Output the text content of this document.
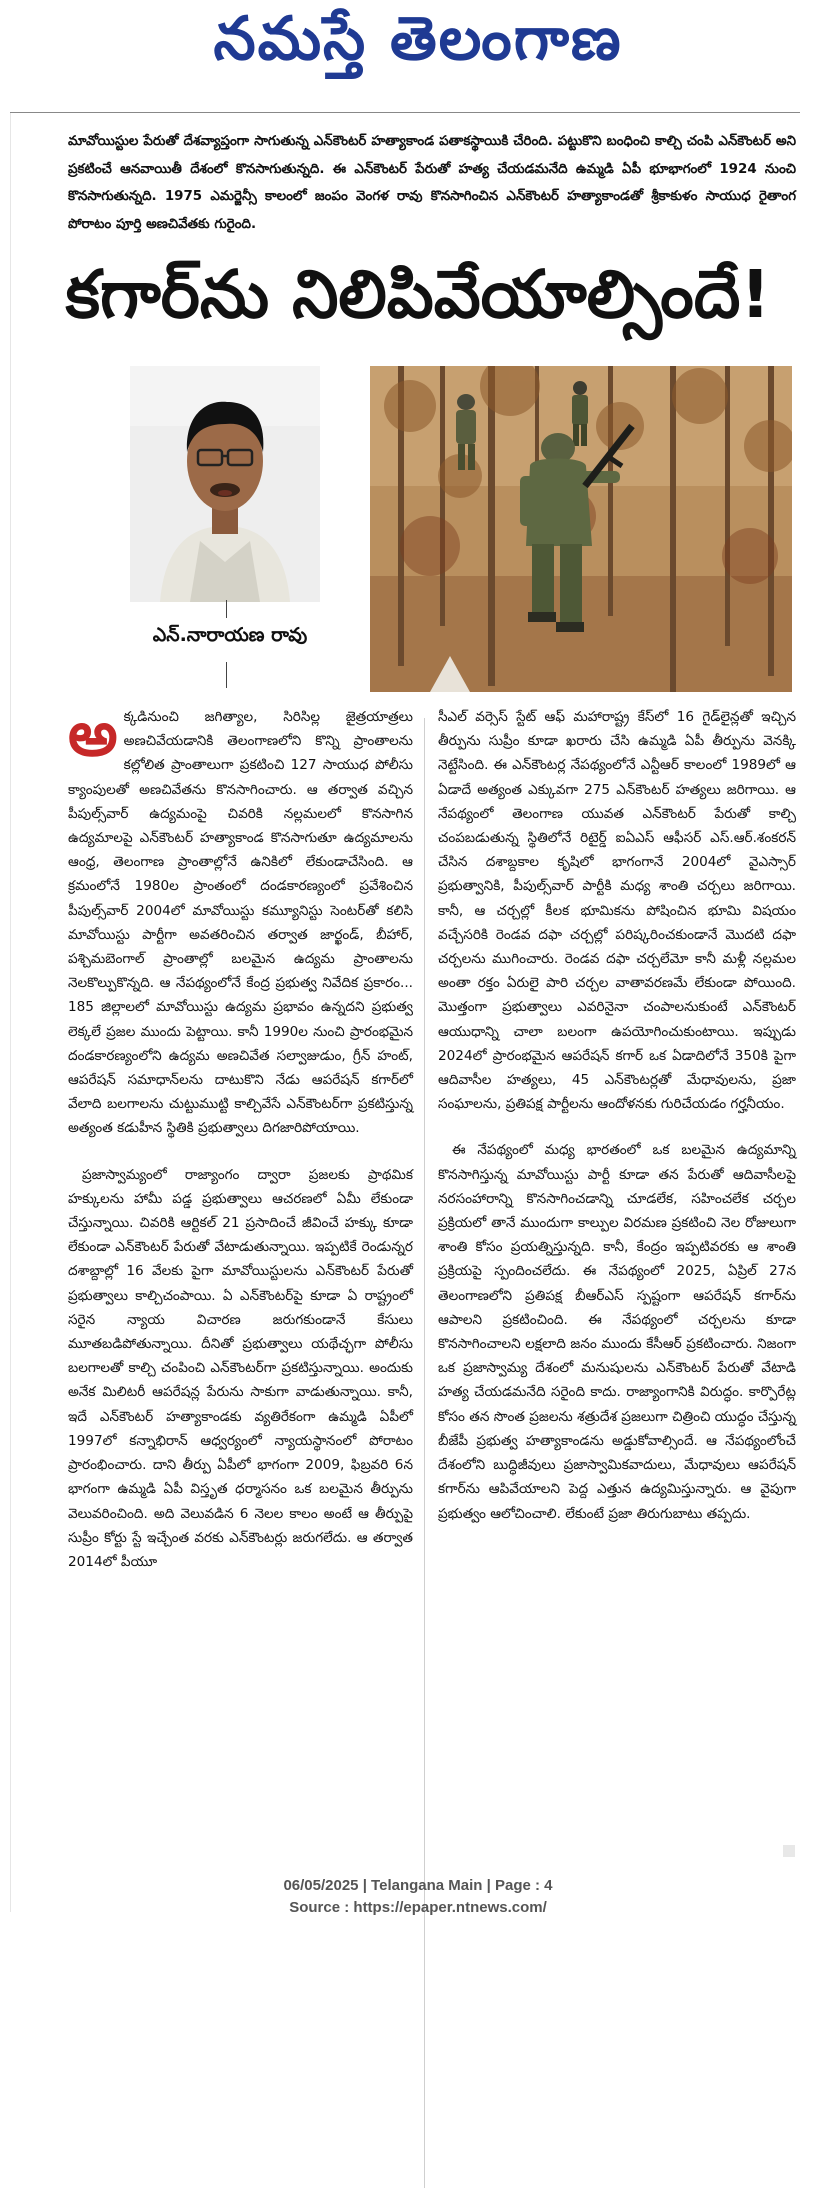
నమస్తే తెలంగాణ
మావోయిస్టుల పేరుతో దేశవ్యాప్తంగా సాగుతున్న ఎన్‌కౌంటర్ హత్యాకాండ పతాకస్థాయికి చేరింది. పట్టుకొని బంధించి కాల్చి చంపి ఎన్‌కౌంటర్ అని ప్రకటించే ఆనవాయితీ దేశంలో కొనసాగుతున్నది. ఈ ఎన్‌కౌంటర్ పేరుతో హత్య చేయడమనేది ఉమ్మడి ఏపీ భూభాగంలో 1924 నుంచి కొనసాగుతున్నది. 1975 ఎమర్జెన్సీ కాలంలో జంపం వెంగళ రావు కొనసాగించిన ఎన్‌కౌంటర్ హత్యాకాండతో శ్రీకాకుళం సాయుధ రైతాంగ పోరాటం పూర్తి అణచివేతకు గురైంది.
కగార్‌ను నిలిపివేయాల్సిందే!
ఎన్.నారాయణ రావు

అ క్కడినుంచి జగిత్యాల, సిరిసిల్ల జైత్రయాత్రలు అణచివేయడానికి తెలంగాణలోని కొన్ని ప్రాంతాలను కల్లోలిత ప్రాంతాలుగా ప్రకటించి 127 సాయుధ పోలీసు క్యాంపులతో అణచివేతను కొనసాగించారు. ఆ తర్వాత వచ్చిన పీపుల్స్‌వార్ ఉద్యమంపై చివరికి నల్లమలలో కొనసాగిన ఉద్యమాలపై ఎన్‌కౌంటర్ హత్యాకాండ కొనసాగుతూ ఉద్యమాలను ఆంధ్ర, తెలంగాణ ప్రాంతాల్లోనే ఉనికిలో లేకుండాచేసింది. ఆ క్రమంలోనే 1980ల ప్రాంతంలో దండకారణ్యంలో ప్రవేశించిన పీపుల్స్‌వార్ 2004లో మావోయిస్టు కమ్యూనిస్టు సెంటర్‌తో కలిసి మావోయిస్టు పార్టీగా అవతరించిన తర్వాత జార్ఖండ్, బీహార్, పశ్చిమబెంగాల్ ప్రాంతాల్లో బలమైన ఉద్యమ ప్రాంతాలను నెలకొల్పుకొన్నది. ఆ నేపథ్యంలోనే కేంద్ర ప్రభుత్వ నివేదిక ప్రకారం... 185 జిల్లాలలో మావోయిస్టు ఉద్యమ ప్రభావం ఉన్నదని ప్రభుత్వ లెక్కలే ప్రజల ముందు పెట్టాయి. కానీ 1990ల నుంచి ప్రారంభమైన దండకారణ్యంలోని ఉద్యమ అణచివేత సల్వాజుడుం, గ్రీన్ హంట్, ఆపరేషన్ సమాధాన్‌లను దాటుకొని నేడు ఆపరేషన్ కగార్‌లో వేలాది బలగాలను చుట్టుముట్టి కాల్చివేసే ఎన్‌కౌంటర్‌గా ప్రకటిస్తున్న అత్యంత కడుహీన స్థితికి ప్రభుత్వాలు దిగజారిపోయాయి.

ప్రజాస్వామ్యంలో రాజ్యాంగం ద్వారా ప్రజలకు ప్రాథమిక హక్కులను హామీ పడ్డ ప్రభుత్వాలు ఆచరణలో ఏమీ లేకుండా చేస్తున్నాయి. చివరికి ఆర్టికల్ 21 ప్రసాదించే జీవించే హక్కు కూడా లేకుండా ఎన్‌కౌంటర్ పేరుతో వేటాడుతున్నాయి. ఇప్పటికే రెండున్నర దశాబ్దాల్లో 16 వేలకు పైగా మావోయిస్టులను ఎన్‌కౌంటర్ పేరుతో ప్రభుత్వాలు కాల్చిచంపాయి. ఏ ఎన్‌కౌంటర్‌పై కూడా ఏ రాష్ట్రంలో సరైన న్యాయ విచారణ జరుగకుండానే కేసులు మూతబడిపోతున్నాయి. దీనితో ప్రభుత్వాలు యథేచ్ఛగా పోలీసు బలగాలతో కాల్చి చంపించి ఎన్‌కౌంటర్‌గా ప్రకటిస్తున్నాయి. అందుకు అనేక మిలిటరీ ఆపరేషన్ల పేరును సాకుగా వాడుతున్నాయి. కానీ, ఇదే ఎన్‌కౌంటర్ హత్యాకాండకు వ్యతిరేకంగా ఉమ్మడి ఏపీలో 1997లో కన్నాభిరాన్ ఆధ్వర్యంలో న్యాయస్థానంలో పోరాటం ప్రారంభించారు. దాని తీర్పు ఏపీలో భాగంగా 2009, ఫిబ్రవరి 6న భాగంగా ఉమ్మడి ఏపీ విస్తృత ధర్మాసనం ఒక బలమైన తీర్పును వెలువరించింది. అది వెలువడిన 6 నెలల కాలం అంటే ఆ తీర్పుపై సుప్రీం కోర్టు స్టే ఇచ్చేంత వరకు ఎన్‌కౌంటర్లు జరుగలేదు. ఆ తర్వాత 2014లో పీయూ

సీఎల్ వర్సెస్ స్టేట్ ఆఫ్ మహారాష్ట్ర కేస్‌లో 16 గైడ్‌లైన్లతో ఇచ్చిన తీర్పును సుప్రీం కూడా ఖరారు చేసి ఉమ్మడి ఏపీ తీర్పును వెనక్కి నెట్టేసింది. ఈ ఎన్‌కౌంటర్ల నేపథ్యంలోనే ఎన్టీఆర్ కాలంలో 1989లో ఆ ఏడాదే అత్యంత ఎక్కువగా 275 ఎన్‌కౌంటర్ హత్యలు జరిగాయి. ఆ నేపథ్యంలో తెలంగాణ యువత ఎన్‌కౌంటర్ పేరుతో కాల్చి చంపబడుతున్న స్థితిలోనే రిటైర్డ్ ఐఏఎస్ ఆఫీసర్ ఎస్.ఆర్.శంకరన్ చేసిన దశాబ్దకాల కృషిలో భాగంగానే 2004లో వైఎస్సార్ ప్రభుత్వానికి, పీపుల్స్‌వార్ పార్టీకి మధ్య శాంతి చర్చలు జరిగాయి. కానీ, ఆ చర్చల్లో కీలక భూమికను పోషించిన భూమి విషయం వచ్చేసరికి రెండవ దఫా చర్చల్లో పరిష్కరించకుండానే మొదటి దఫా చర్చలను ముగించారు. రెండవ దఫా చర్చలేమో కానీ మళ్లీ నల్లమల అంతా రక్తం ఏరులై పారి చర్చల వాతావరణమే లేకుండా పోయింది. మొత్తంగా ప్రభుత్వాలు ఎవరినైనా చంపాలనుకుంటే ఎన్‌కౌంటర్ ఆయుధాన్ని చాలా బలంగా ఉపయోగించుకుంటాయి. ఇప్పుడు 2024లో ప్రారంభమైన ఆపరేషన్ కగార్ ఒక ఏడాదిలోనే 350కి పైగా ఆదివాసీల హత్యలు, 45 ఎన్‌కౌంటర్లతో మేధావులను, ప్రజా సంఘాలను, ప్రతిపక్ష పార్టీలను ఆందోళనకు గురిచేయడం గర్హనీయం.

ఈ నేపథ్యంలో మధ్య భారతంలో ఒక బలమైన ఉద్యమాన్ని కొనసాగిస్తున్న మావోయిస్టు పార్టీ కూడా తన పేరుతో ఆదివాసీలపై నరసంహారాన్ని కొనసాగించడాన్ని చూడలేక, సహించలేక చర్చల ప్రక్రియలో తానే ముందుగా కాల్పుల విరమణ ప్రకటించి నెల రోజులుగా శాంతి కోసం ప్రయత్నిస్తున్నది. కానీ, కేంద్రం ఇప్పటివరకు ఆ శాంతి ప్రక్రియపై స్పందించలేదు. ఈ నేపథ్యంలో 2025, ఏప్రిల్ 27న తెలంగాణలోని ప్రతిపక్ష బీఆర్‌ఎస్ స్పష్టంగా ఆపరేషన్ కగార్‌ను ఆపాలని ప్రకటించింది. ఈ నేపథ్యంలో చర్చలను కూడా కొనసాగించాలని లక్షలాది జనం ముందు కేసీఆర్ ప్రకటించారు. నిజంగా ఒక ప్రజాస్వామ్య దేశంలో మనుషులను ఎన్‌కౌంటర్ పేరుతో వేటాడి హత్య చేయడమనేది సరైంది కాదు. రాజ్యాంగానికి విరుద్ధం. కార్పొరేట్ల కోసం తన సొంత ప్రజలను శత్రుదేశ ప్రజలుగా చిత్రించి యుద్ధం చేస్తున్న బీజేపీ ప్రభుత్వ హత్యాకాండను అడ్డుకోవాల్సిందే. ఆ నేపథ్యంలోంచే దేశంలోని బుద్ధిజీవులు ప్రజాస్వామికవాదులు, మేధావులు ఆపరేషన్ కగార్‌ను ఆపివేయాలని పెద్ద ఎత్తున ఉద్యమిస్తున్నారు. ఆ వైపుగా ప్రభుత్వం ఆలోచించాలి. లేకుంటే ప్రజా తిరుగుబాటు తప్పదు.

06/05/2025 | Telangana Main | Page : 4
Source : https://epaper.ntnews.com/
